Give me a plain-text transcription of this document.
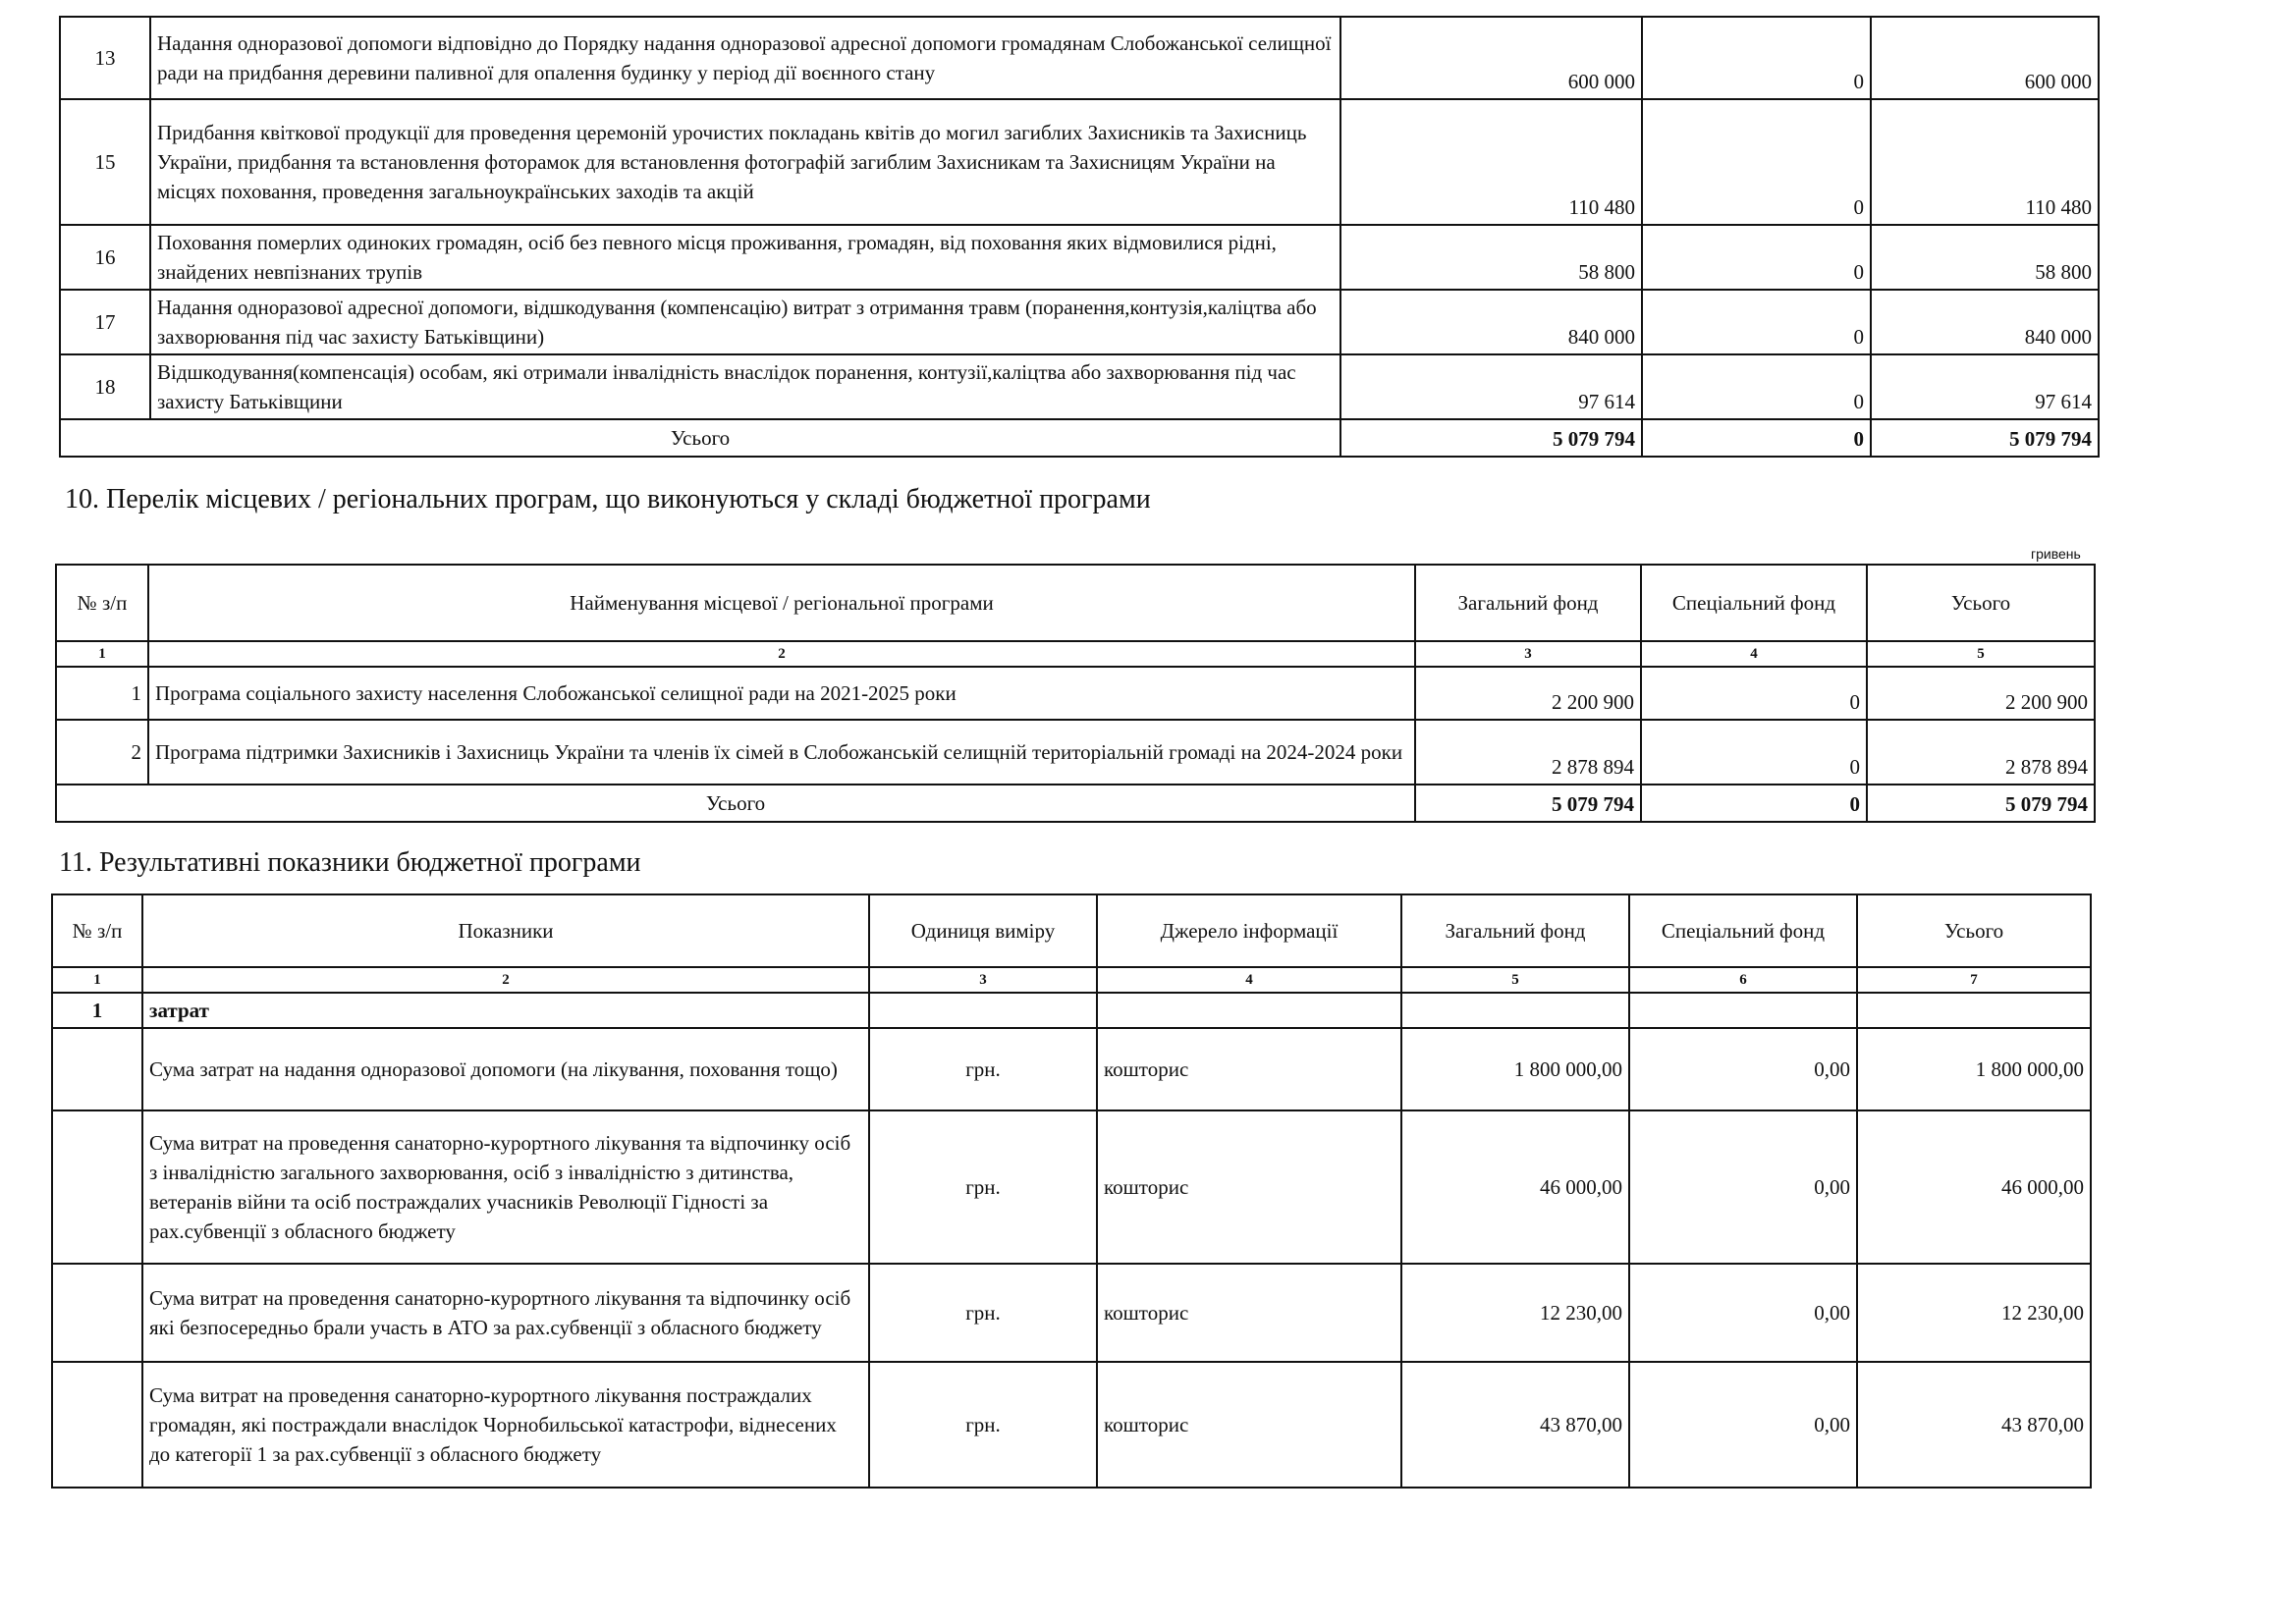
13	Надання одноразової допомоги відповідно до Порядку надання одноразової адресної допомоги громадянам Слобожанської селищної ради на придбання деревини паливної для опалення будинку у період дії воєнного стану	600 000	0	600 000
15	Придбання квіткової продукції для проведення церемоній урочистих покладань квітів до могил загиблих Захисників та Захисниць України, придбання та встановлення фоторамок для встановлення фотографій загиблим Захисникам та Захисницям України на місцях поховання, проведення загальноукраїнських заходів та акцій	110 480	0	110 480
16	Поховання померлих одиноких громадян, осіб без певного місця проживання, громадян, від поховання яких відмовилися рідні, знайдених невпізнаних трупів	58 800	0	58 800
17	Надання одноразової адресної допомоги, відшкодування (компенсацію) витрат з отримання травм (поранення,контузія,каліцтва або захворювання під час захисту Батьківщини)	840 000	0	840 000
18	Відшкодування(компенсація) особам, які отримали інвалідність внаслідок поранення, контузії,каліцтва або захворювання під час захисту Батьківщини	97 614	0	97 614
Усього		5 079 794	0	5 079 794
10. Перелік місцевих / регіональних програм, що виконуються у складі бюджетної програми
гривень
№ з/п	Найменування місцевої / регіональної програми	Загальний фонд	Спеціальний фонд	Усього
1	2	3	4	5
1	Програма соціального захисту населення Слобожанської селищної ради на 2021-2025 роки	2 200 900	0	2 200 900
2	Програма підтримки Захисників і Захисниць України та членів їх сімей в Слобожанській селищній територіальній громаді на 2024-2024 роки	2 878 894	0	2 878 894
Усього		5 079 794	0	5 079 794
11. Результативні показники бюджетної програми
№ з/п	Показники	Одиниця виміру	Джерело інформації	Загальний фонд	Спеціальний фонд	Усього
1	2	3	4	5	6	7
1	затрат					
	Сума затрат на надання одноразової допомоги (на лікування, поховання тощо)	грн.	кошторис	1 800 000,00	0,00	1 800 000,00
	Сума витрат на проведення санаторно-курортного лікування та відпочинку осіб з інвалідністю загального захворювання, осіб з інвалідністю з дитинства, ветеранів війни та осіб постраждалих учасників Революції Гідності за рах.субвенції з обласного бюджету	грн.	кошторис	46 000,00	0,00	46 000,00
	Сума витрат на проведення санаторно-курортного лікування та відпочинку осіб які безпосередньо брали участь в АТО за рах.субвенції з обласного бюджету	грн.	кошторис	12 230,00	0,00	12 230,00
	Сума витрат на проведення санаторно-курортного лікування постраждалих громадян, які постраждали внаслідок Чорнобильської катастрофи, віднесених до категорії 1 за рах.субвенції з обласного бюджету	грн.	кошторис	43 870,00	0,00	43 870,00
